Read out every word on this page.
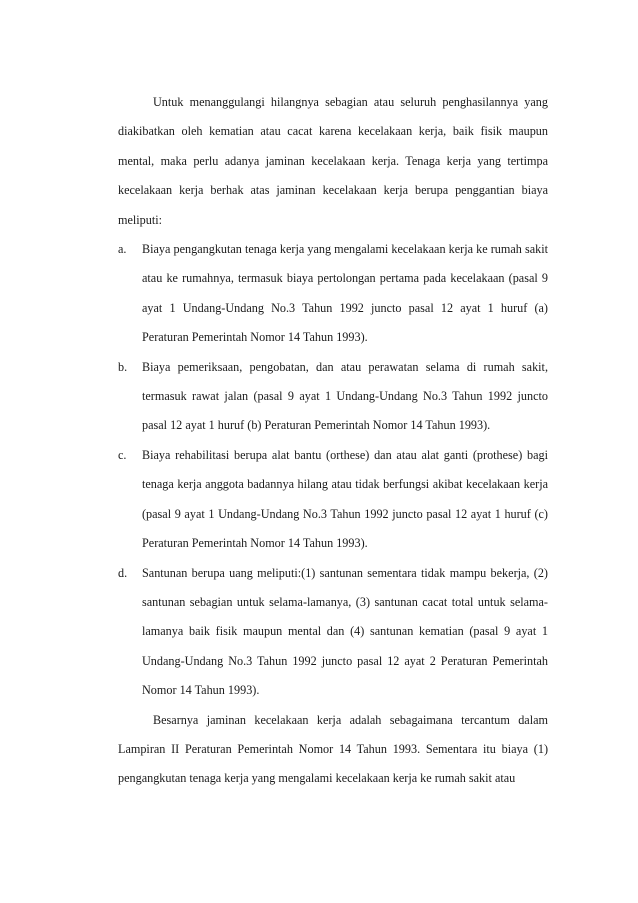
Untuk menanggulangi hilangnya sebagian atau seluruh penghasilannya yang diakibatkan oleh kematian atau cacat karena kecelakaan kerja, baik fisik maupun mental, maka perlu adanya jaminan kecelakaan kerja. Tenaga kerja yang tertimpa kecelakaan kerja berhak atas jaminan kecelakaan kerja berupa penggantian biaya meliputi:

a. Biaya pengangkutan tenaga kerja yang mengalami kecelakaan kerja ke rumah sakit atau ke rumahnya, termasuk biaya pertolongan pertama pada kecelakaan (pasal 9 ayat 1 Undang-Undang No.3 Tahun 1992 juncto pasal 12 ayat 1 huruf (a) Peraturan Pemerintah Nomor 14 Tahun 1993).
b. Biaya pemeriksaan, pengobatan, dan atau perawatan selama di rumah sakit, termasuk rawat jalan (pasal 9 ayat 1 Undang-Undang No.3 Tahun 1992 juncto pasal 12 ayat 1 huruf (b) Peraturan Pemerintah Nomor 14 Tahun 1993).
c. Biaya rehabilitasi berupa alat bantu (orthese) dan atau alat ganti (prothese) bagi tenaga kerja anggota badannya hilang atau tidak berfungsi akibat kecelakaan kerja (pasal 9 ayat 1 Undang-Undang No.3 Tahun 1992 juncto pasal 12 ayat 1 huruf (c) Peraturan Pemerintah Nomor 14 Tahun 1993).
d. Santunan berupa uang meliputi:(1) santunan sementara tidak mampu bekerja, (2) santunan sebagian untuk selama-lamanya, (3) santunan cacat total untuk selama-lamanya baik fisik maupun mental dan (4) santunan kematian (pasal 9 ayat 1 Undang-Undang No.3 Tahun 1992 juncto pasal 12 ayat 2 Peraturan Pemerintah Nomor 14 Tahun 1993).

Besarnya jaminan kecelakaan kerja adalah sebagaimana tercantum dalam Lampiran II Peraturan Pemerintah Nomor 14 Tahun 1993. Sementara itu biaya (1) pengangkutan tenaga kerja yang mengalami kecelakaan kerja ke rumah sakit atau
